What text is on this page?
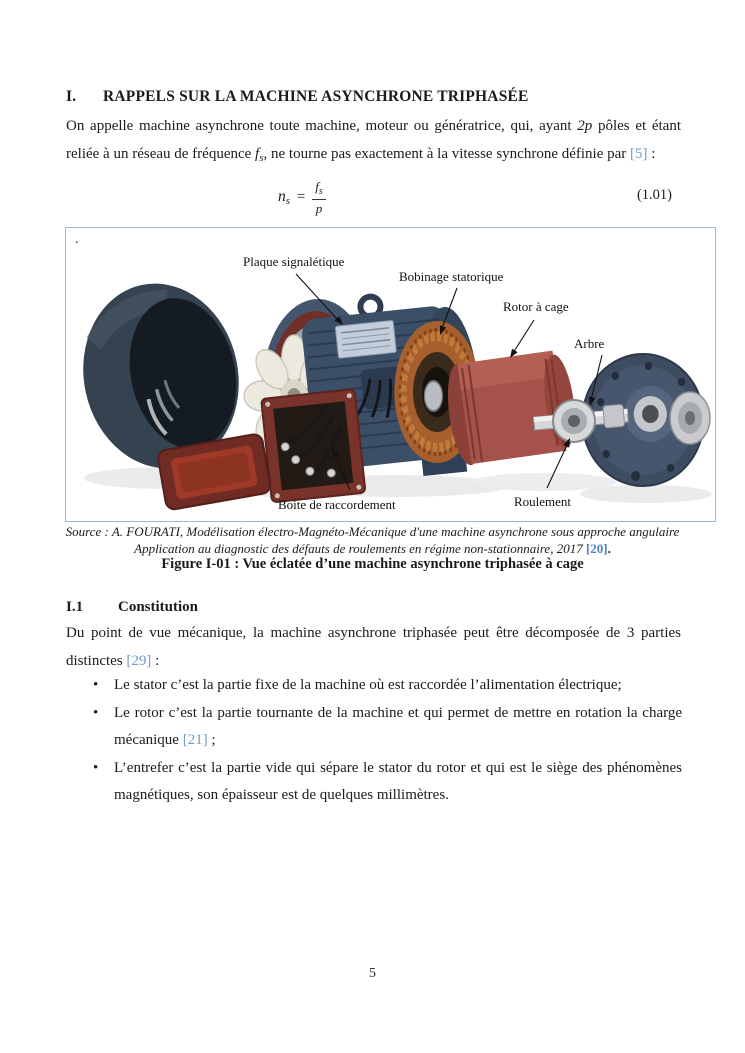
I.	RAPPELS SUR LA MACHINE ASYNCHRONE TRIPHASÉE
On appelle machine asynchrone toute machine, moteur ou génératrice, qui, ayant 2p pôles et étant reliée à un réseau de fréquence $f_s$, ne tourne pas exactement à la vitesse synchrone définie par [5] :
ns = $\frac{f_s}{p}$	(1.01)
.
Plaque signalétique
Bobinage statorique
Rotor à cage
Arbre
Boite de raccordement	Roulement
Source : A. FOURATI, Modélisation électro-Magnéto-Mécanique d'une machine asynchrone sous approche angulaire
Application au diagnostic des défauts de roulements en régime non-stationnaire, 2017 [20].
Figure I-01 : Vue éclatée d’une machine asynchrone triphasée à cage
I.1	Constitution
Du point de vue mécanique, la machine asynchrone triphasée peut être décomposée de 3 parties distinctes [29] :
• Le stator c’est la partie fixe de la machine où est raccordée l’alimentation électrique;
• Le rotor c’est la partie tournante de la machine et qui permet de mettre en rotation la charge mécanique [21] ;
• L’entrefer c’est la partie vide qui sépare le stator du rotor et qui est le siège des phénomènes magnétiques, son épaisseur est de quelques millimètres.
5
